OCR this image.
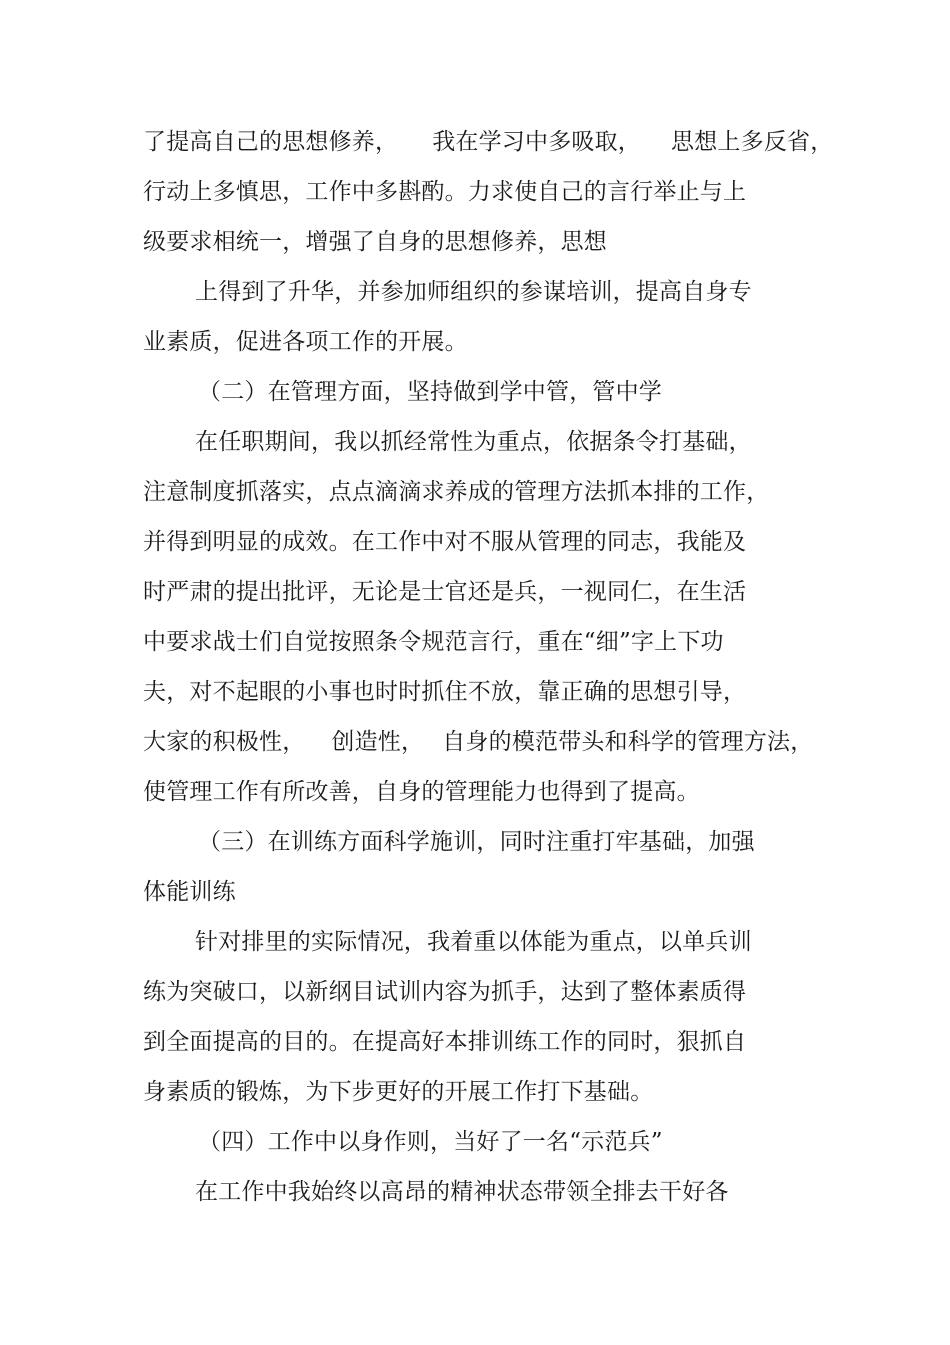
了提高自己的思想修养， 我在学习中多吸取， 思想上多反省，
行动上多慎思，工作中多斟酌。力求使自己的言行举止与上
级要求相统一，增强了自身的思想修养，思想
上得到了升华，并参加师组织的参谋培训，提高自身专
业素质，促进各项工作的开展。
（二）在管理方面，坚持做到学中管，管中学
在任职期间，我以抓经常性为重点，依据条令打基础，
注意制度抓落实，点点滴滴求养成的管理方法抓本排的工作，
并得到明显的成效。在工作中对不服从管理的同志，我能及
时严肃的提出批评，无论是士官还是兵，一视同仁，在生活
中要求战士们自觉按照条令规范言行，重在“细”字上下功
夫，对不起眼的小事也时时抓住不放，靠正确的思想引导，
大家的积极性， 创造性， 自身的模范带头和科学的管理方法，
使管理工作有所改善，自身的管理能力也得到了提高。
（三）在训练方面科学施训，同时注重打牢基础，加强
体能训练
针对排里的实际情况，我着重以体能为重点，以单兵训
练为突破口，以新纲目试训内容为抓手，达到了整体素质得
到全面提高的目的。在提高好本排训练工作的同时，狠抓自
身素质的锻炼，为下步更好的开展工作打下基础。
（四）工作中以身作则，当好了一名“示范兵”
在工作中我始终以高昂的精神状态带领全排去干好各
